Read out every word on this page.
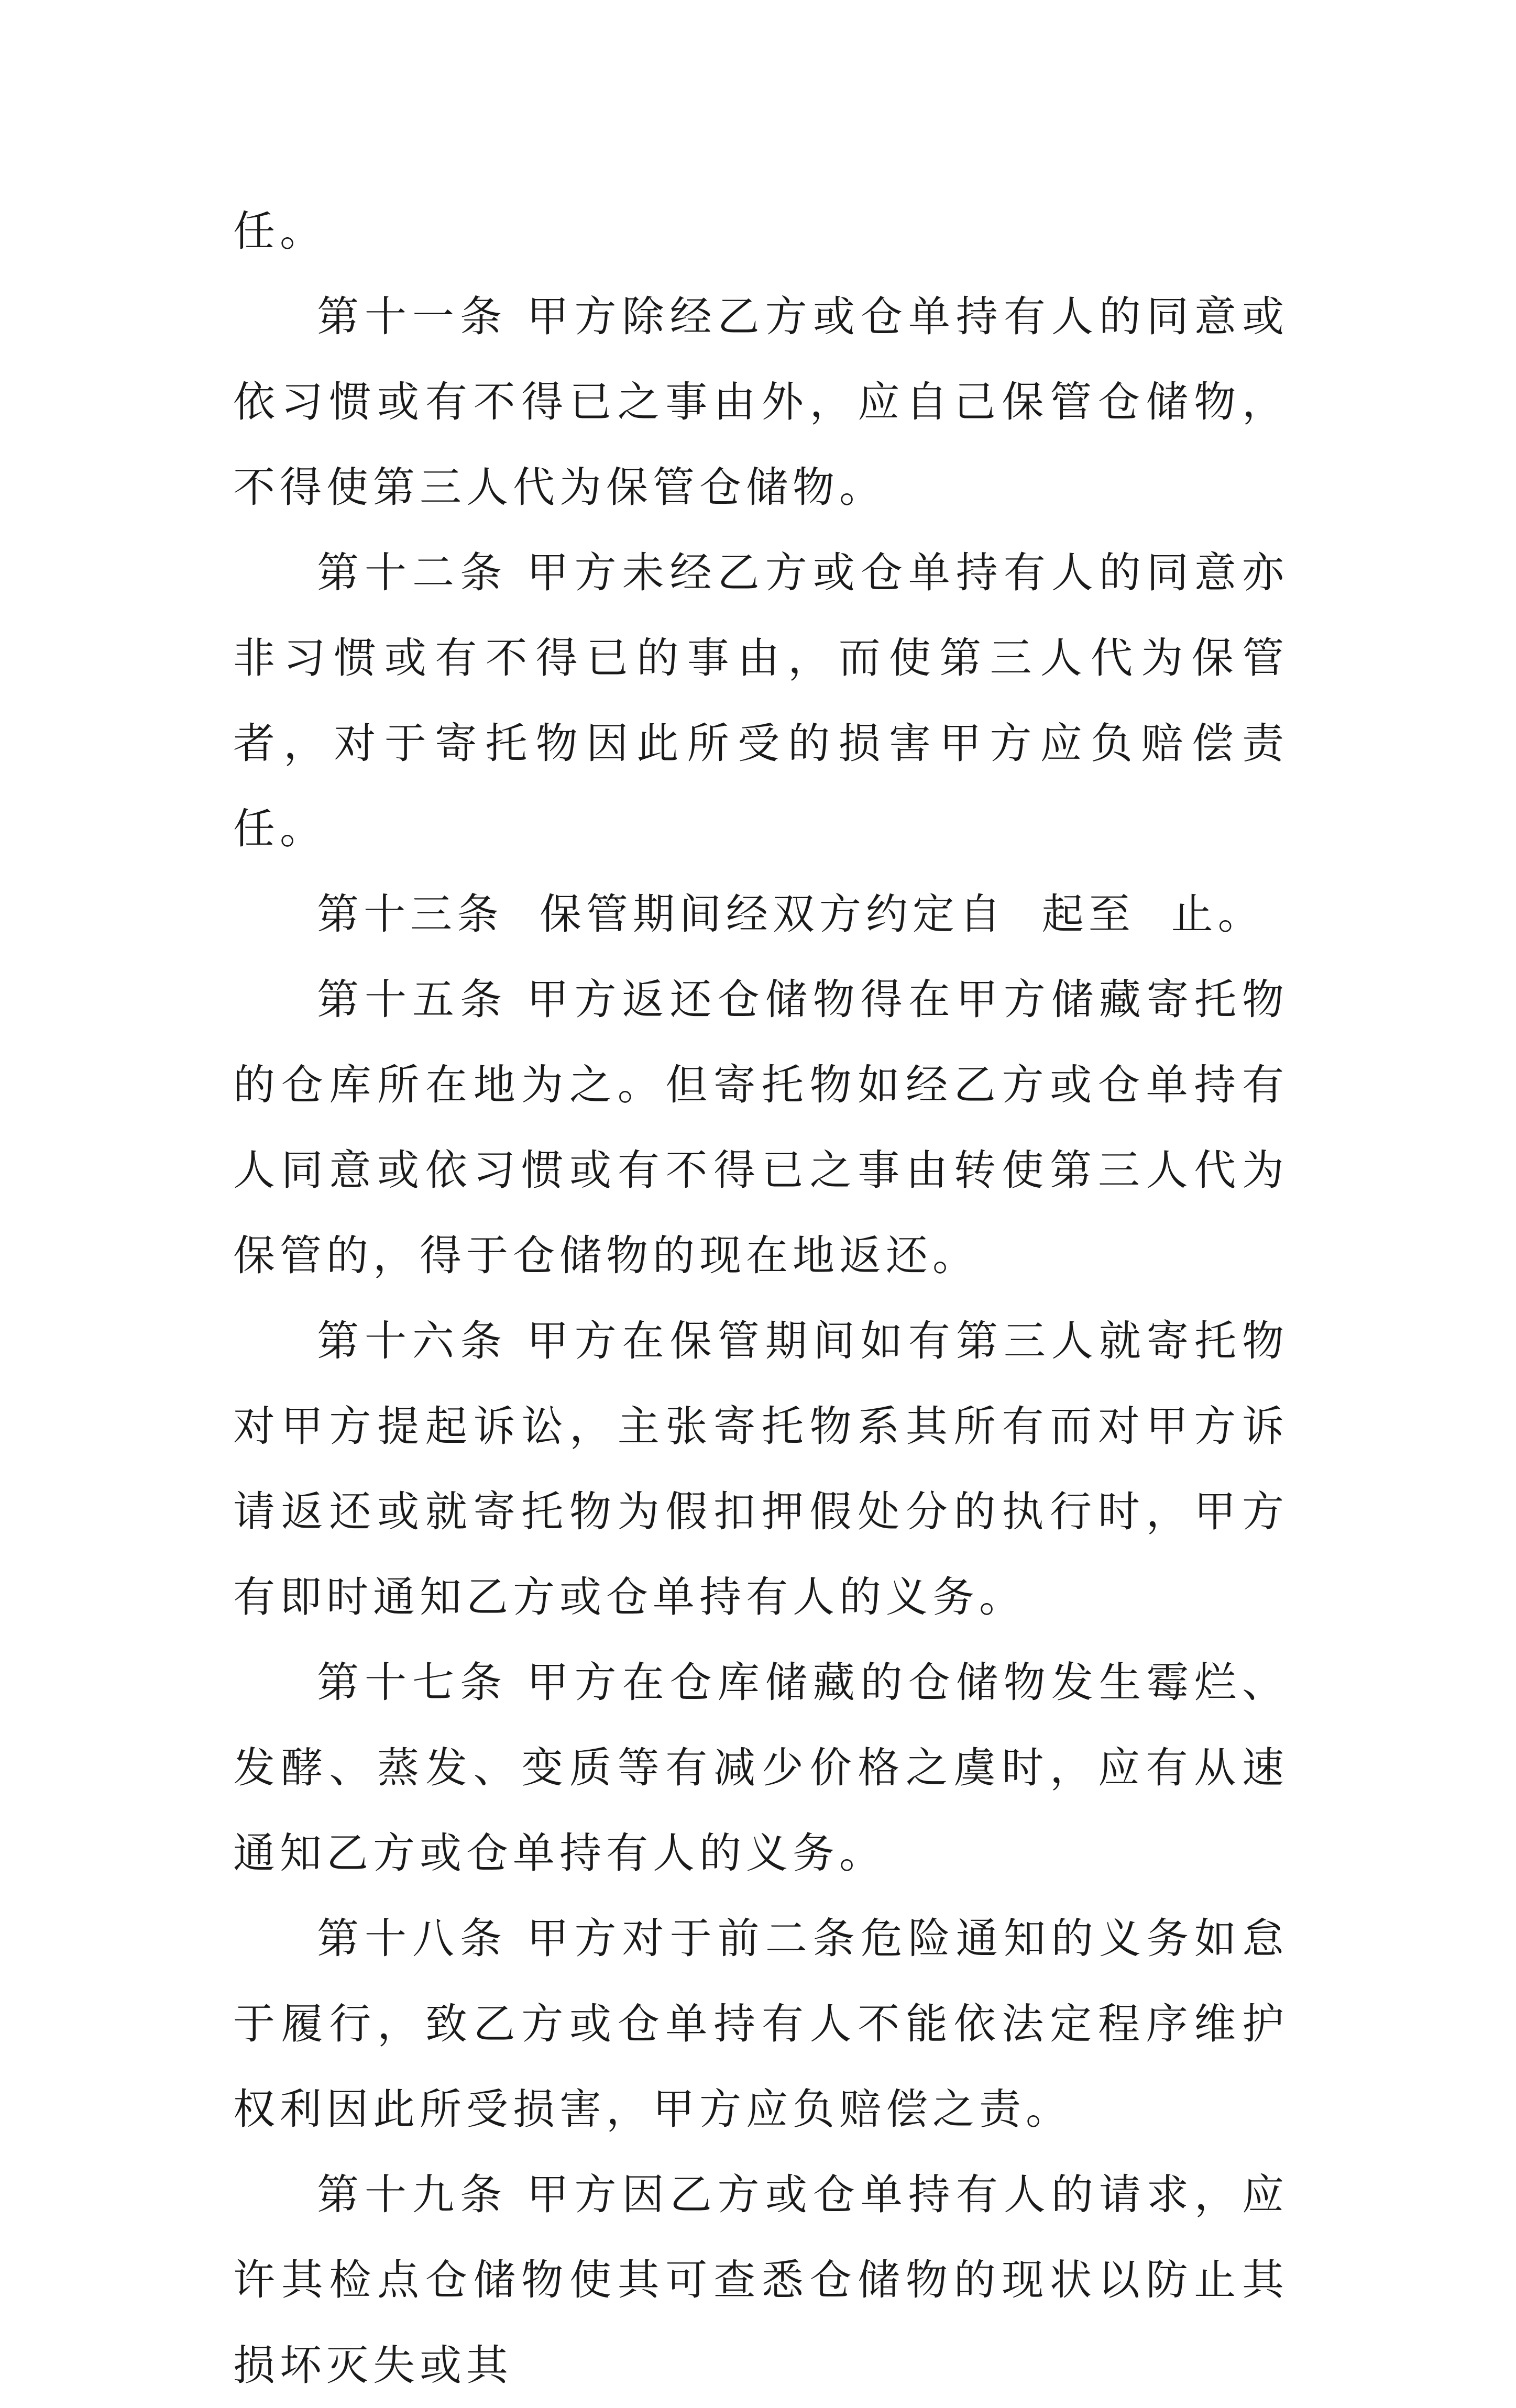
任。

第十一条 甲方除经乙方或仓单持有人的同意或依习惯或有不得已之事由外，应自己保管仓储物，不得使第三人代为保管仓储物。

第十二条 甲方未经乙方或仓单持有人的同意亦非习惯或有不得已的事由，而使第三人代为保管者，对于寄托物因此所受的损害甲方应负赔偿责任。

第十三条  保管期间经双方约定自  起至  止。

第十五条 甲方返还仓储物得在甲方储藏寄托物的仓库所在地为之。但寄托物如经乙方或仓单持有人同意或依习惯或有不得已之事由转使第三人代为保管的，得于仓储物的现在地返还。

第十六条 甲方在保管期间如有第三人就寄托物对甲方提起诉讼，主张寄托物系其所有而对甲方诉请返还或就寄托物为假扣押假处分的执行时，甲方有即时通知乙方或仓单持有人的义务。

第十七条 甲方在仓库储藏的仓储物发生霉烂、发酵、蒸发、变质等有减少价格之虞时，应有从速通知乙方或仓单持有人的义务。

第十八条 甲方对于前二条危险通知的义务如怠于履行，致乙方或仓单持有人不能依法定程序维护权利因此所受损害，甲方应负赔偿之责。

第十九条 甲方因乙方或仓单持有人的请求，应许其检点仓储物使其可查悉仓储物的现状以防止其损坏灭失或其
